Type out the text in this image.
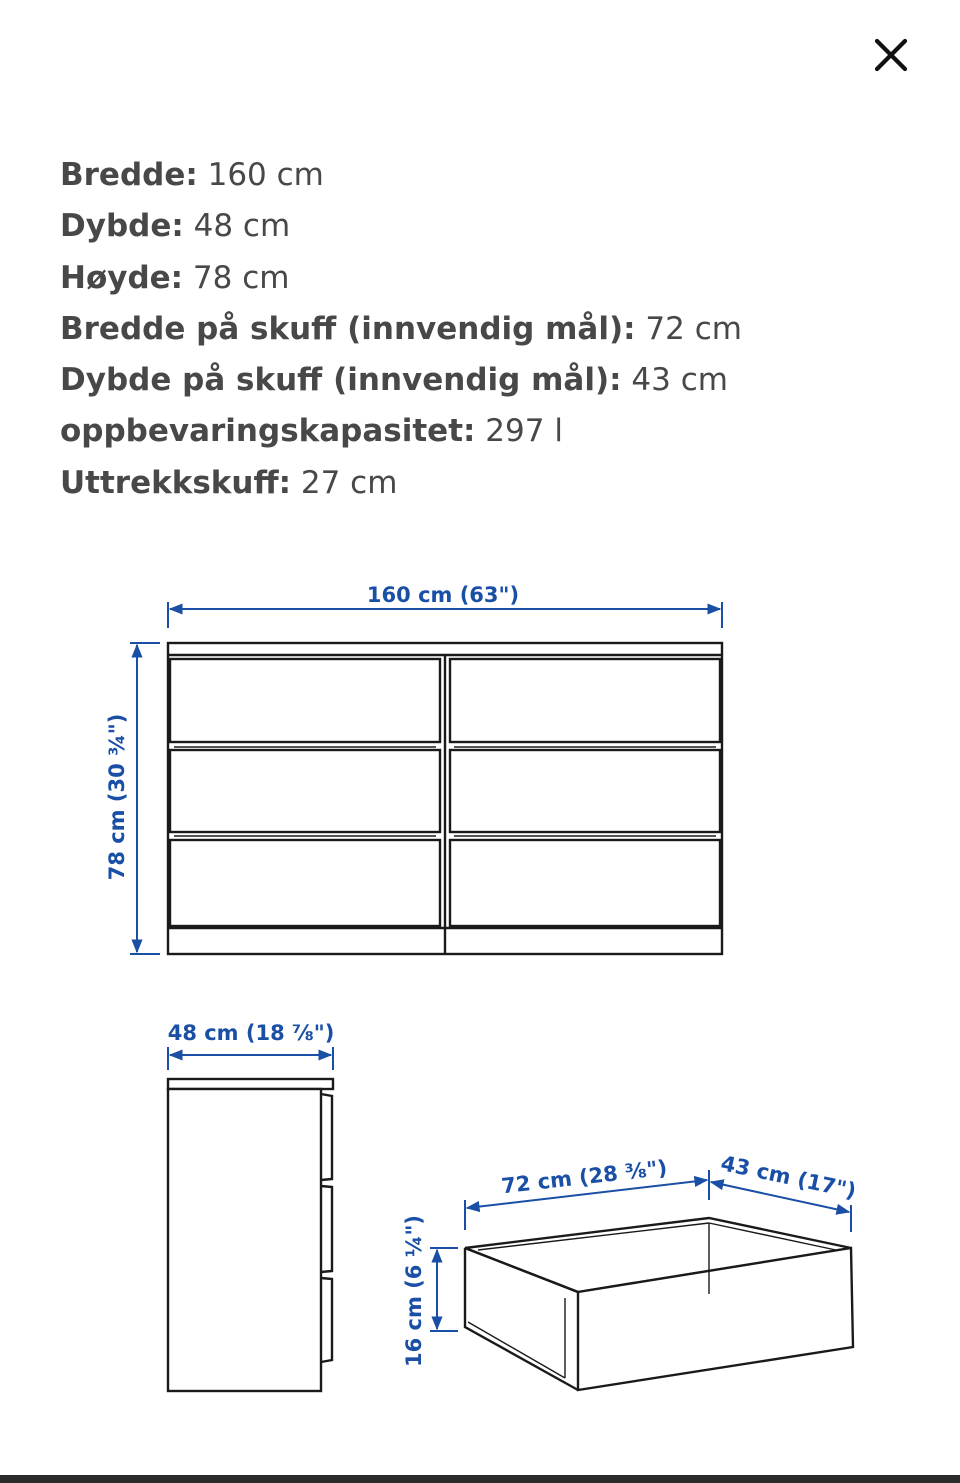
Bredde: 160 cm
Dybde: 48 cm
Høyde: 78 cm
Bredde på skuff (innvendig mål): 72 cm
Dybde på skuff (innvendig mål): 43 cm
oppbevaringskapasitet: 297 l
Uttrekkskuff: 27 cm
160 cm (63")
78 cm (30 ¾")
48 cm (18 ⅞")
72 cm (28 ⅜") 43 cm (17")
16 cm (6 ¼")
